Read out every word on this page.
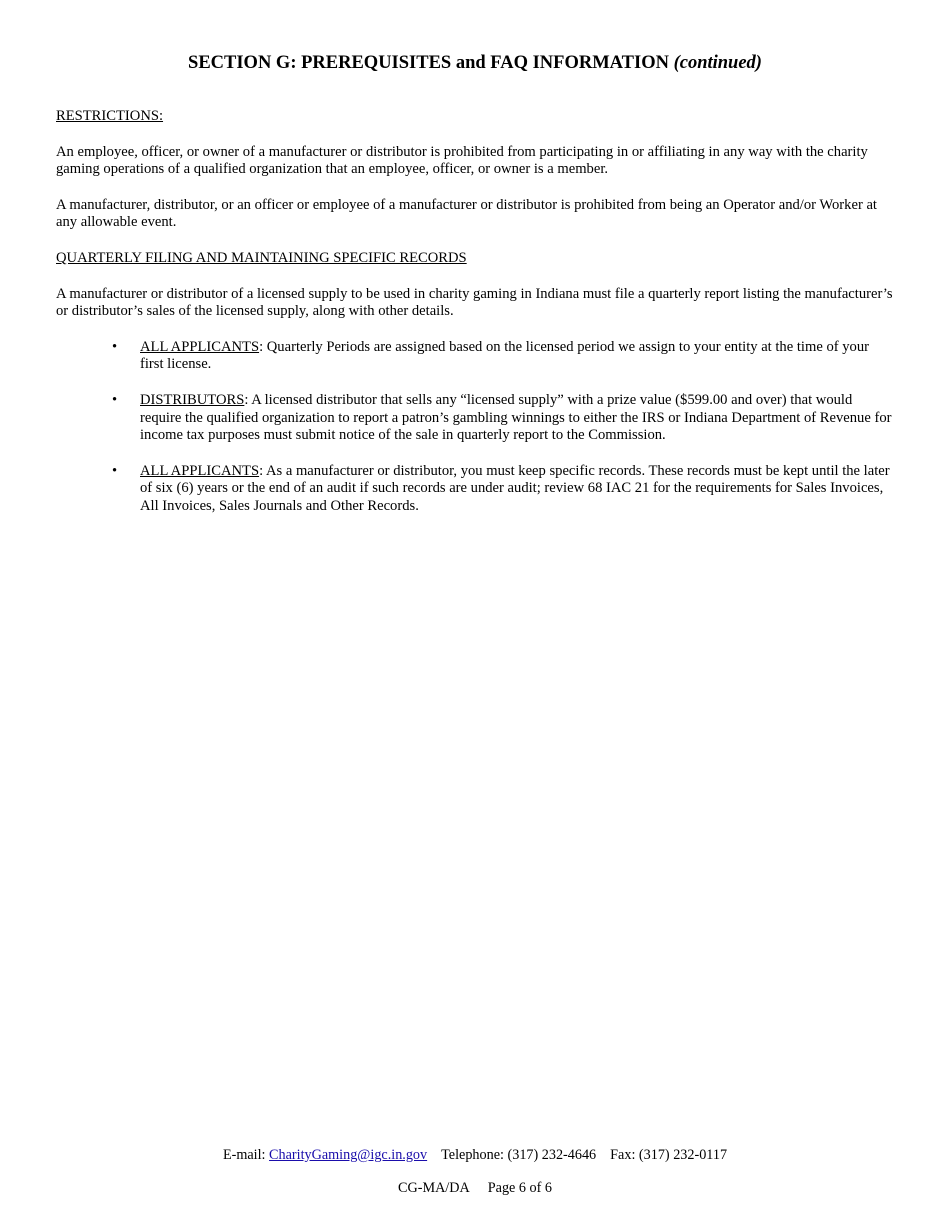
SECTION G: PREREQUISITES and FAQ INFORMATION (continued)
RESTRICTIONS:

An employee, officer, or owner of a manufacturer or distributor is prohibited from participating in or affiliating in any way with the charity gaming operations of a qualified organization that an employee, officer, or owner is a member.

A manufacturer, distributor, or an officer or employee of a manufacturer or distributor is prohibited from being an Operator and/or Worker at any allowable event.

QUARTERLY FILING AND MAINTAINING SPECIFIC RECORDS

A manufacturer or distributor of a licensed supply to be used in charity gaming in Indiana must file a quarterly report listing the manufacturer’s or distributor’s sales of the licensed supply, along with other details.

• ALL APPLICANTS: Quarterly Periods are assigned based on the licensed period we assign to your entity at the time of your first license.
• DISTRIBUTORS: A licensed distributor that sells any “licensed supply” with a prize value ($599.00 and over) that would require the qualified organization to report a patron’s gambling winnings to either the IRS or Indiana Department of Revenue for income tax purposes must submit notice of the sale in quarterly report to the Commission.
• ALL APPLICANTS: As a manufacturer or distributor, you must keep specific records. These records must be kept until the later of six (6) years or the end of an audit if such records are under audit; review 68 IAC 21 for the requirements for Sales Invoices, All Invoices, Sales Journals and Other Records.
E-mail: CharityGaming@igc.in.gov Telephone: (317) 232-4646 Fax: (317) 232-0117
CG-MA/DA Page 6 of 6
